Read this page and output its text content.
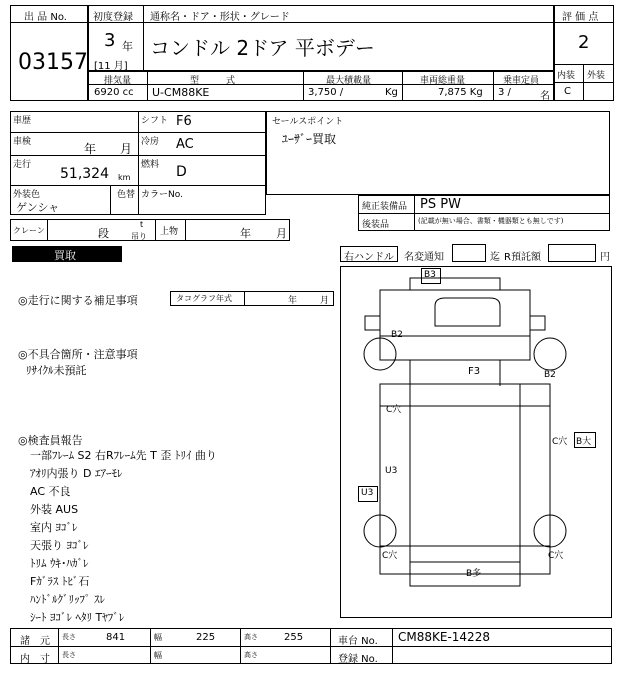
出 品 No.
03157
初度登録 通称名・ドア・形状・グレード
3 年
[11 月]
コンドル 2ドア 平ボデー
評 価 点
2
内装 外装
C
排気量	型　　　式	最大積載量	車両総重量	乗車定員
6920 cc U-CM88KE	3,750 /	Kg	7,875 Kg 3 /	名
車歴	シフト F6
車検	年 月 冷房 AC
走行
51,324 km
燃料 D
外装色
ゲンシャ
色替 カラーNo.
セールスポイント
ﾕｰｻﾞｰ買取
純正装備品 PS PW
後装品	(記載が無い場合、書類・機器類とも無しです)
クレーン	段
t
吊り 上物	年 月
買取	右ハンドル 名変通知	迄 R預託額	円
◎走行に関する補足事項	タコグラフ年式	年	月
◎不具合箇所・注意事項
ﾘｻｲｸﾙ未預託
◎検査員報告
一部ﾌﾚｰﾑ S2 右Rﾌﾚｰﾑ先 T 歪 ﾄﾘｲ 曲り
ｱｵﾘ内張り D ｴｱｰﾓﾚ
AC 不良
外装 AUS
室内 ﾖｺﾞﾚ
天張り ﾖｺﾞﾚ
ﾄﾘﾑ ｳｷ･ﾊｶﾞﾚ
Fｶﾞﾗｽ ﾄﾋﾞ石
ﾊﾝﾄﾞﾙｸﾞﾘｯﾌﾟ ｽﾚ
ｼｰﾄ ﾖｺﾞﾚ ﾍﾀﾘ Tﾔﾌﾞﾚ
B3
B2
F3	B2
C穴
C穴 B大
U3
U3
C穴	C穴
B多
諸　元 長さ	841	幅	225	高さ	255	車台 No. CM88KE-14228
内　寸 長さ	幅	高さ	登録 No.
